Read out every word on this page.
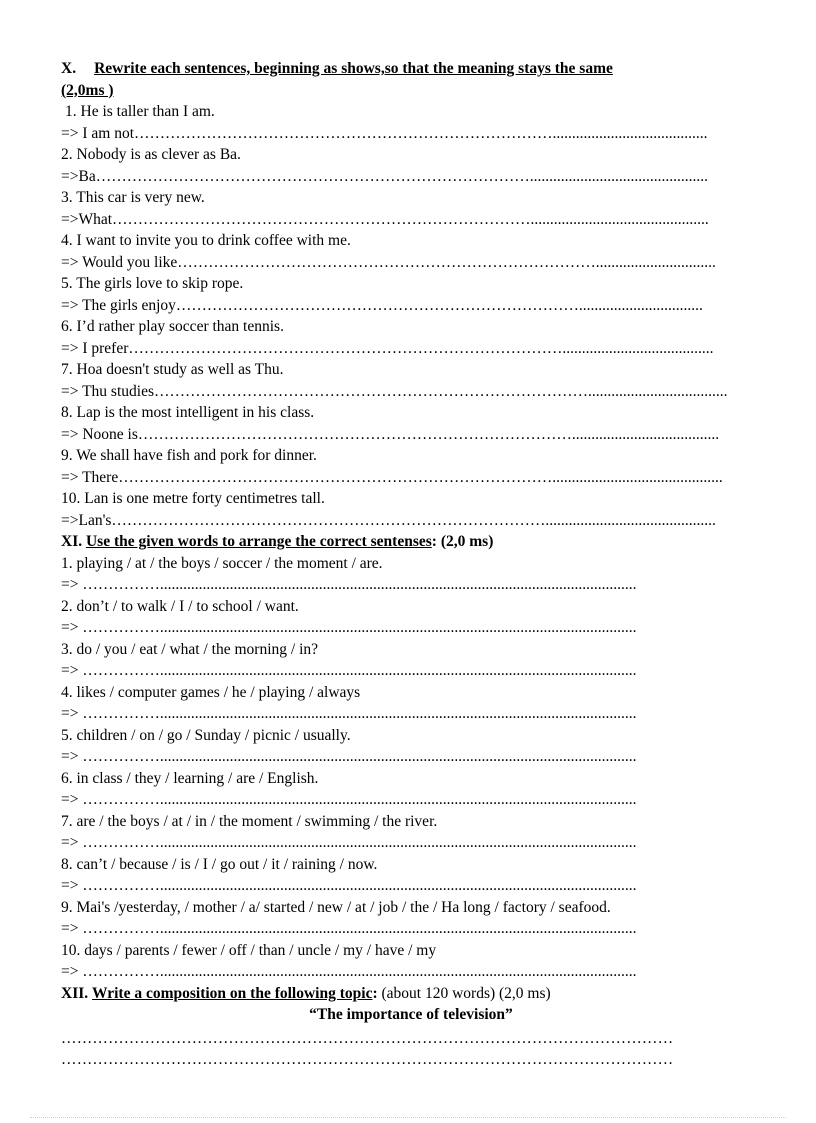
X. Rewrite each sentences, beginning as shows,so that the meaning stays the same
(2,0ms )
1. He is taller than I am.
=> I am not………………………………………………………………………........................................
2. Nobody is as clever as Ba.
=>Ba…………………………………………………………………………..............................................
3. This car is very new.
=>What………………………………………………………………………..............................................
4. I want to invite you to drink coffee with me.
=> Would you like………………………………………………………………………...............................
5. The girls love to skip rope.
=> The girls enjoy……………………………………………………………………................................
6. I’d rather play soccer than tennis.
=> I prefer………………………………………………………………………….......................................
7. Hoa doesn't study as well as Thu.
=> Thu studies…………………………………………………………………………....................................
8. Lap is the most intelligent in his class.
=> Noone is…………………………………………………………………………......................................
9. We shall have fish and pork for dinner.
=> There…………………………………………………………………………............................................
10. Lan is one metre forty centimetres tall.
=>Lan's…………………………………………………………………………............................................
XI. Use the given words to arrange the correct sentenses: (2,0 ms)
1. playing / at / the boys / soccer / the moment / are.
=> ……………...........................................................................................................................
2. don’t / to walk / I / to school / want.
=> ……………...........................................................................................................................
3. do / you / eat / what / the morning / in?
=> ……………...........................................................................................................................
4. likes / computer games / he / playing / always
=> ……………...........................................................................................................................
5. children / on / go / Sunday / picnic / usually.
=> ……………...........................................................................................................................
6. in class / they / learning / are / English.
=> ……………...........................................................................................................................
7. are / the boys / at / in / the moment / swimming / the river.
=> ……………...........................................................................................................................
8. can’t / because / is / I / go out / it / raining / now.
=> ……………...........................................................................................................................
9. Mai's /yesterday, / mother / a/ started / new / at / job / the / Ha long / factory / seafood.
=> ……………...........................................................................................................................
10. days / parents / fewer / off / than / uncle / my / have / my
=> ……………...........................................................................................................................
XII. Write a composition on the following topic: (about 120 words) (2,0 ms)
“The importance of television”
………………………………………………………………………………………………………
………………………………………………………………………………………………………
